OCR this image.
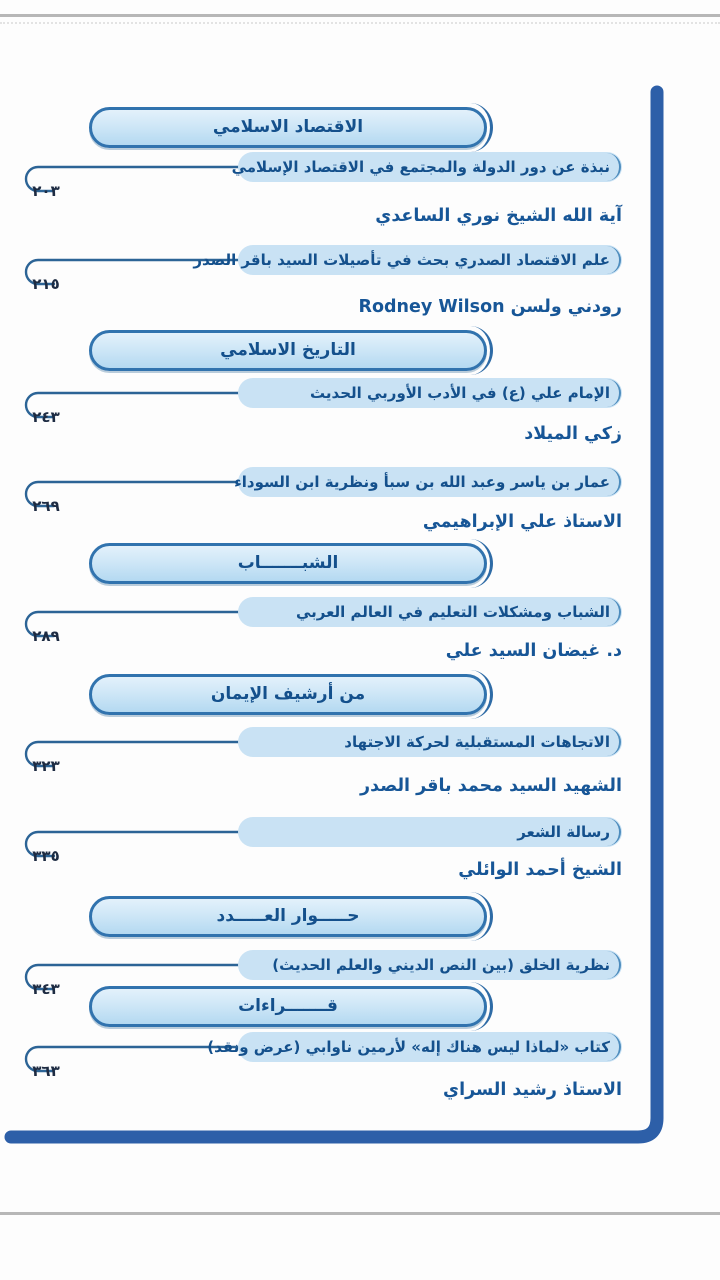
الاقتصاد الاسلامي
نبذة عن دور الدولة والمجتمع في الاقتصاد الإسلامي
٢٠٣
آية الله الشيخ نوري الساعدي
علم الاقتصاد الصدري بحث في تأصيلات السيد باقر الصدر
٢١٥
رودني ولسن Rodney Wilson
التاريخ الاسلامي
الإمام علي (ع) في الأدب الأوربي الحديث
٢٤٣
زكي الميلاد
عمار بن ياسر وعبد الله بن سبأ ونظرية ابن السوداء
٢٦٩
الاستاذ علي الإبراهيمي
الشبـــــــاب
الشباب ومشكلات التعليم في العالم العربي
٢٨٩
د. غيضان السيد علي
من أرشيف الإيمان
الاتجاهات المستقبلية لحركة الاجتهاد
٣٢٣
الشهيد السيد محمد باقر الصدر
رسالة الشعر
٣٣٥
الشيخ أحمد الوائلي
حـــــوار العـــــدد
نظرية الخلق (بين النص الديني والعلم الحديث)
٣٤٣
قـــــــراءات
كتاب «لماذا ليس هناك إله» لأرمين ناوابي (عرض ونقد)
٣٦٣
الاستاذ رشيد السراي
